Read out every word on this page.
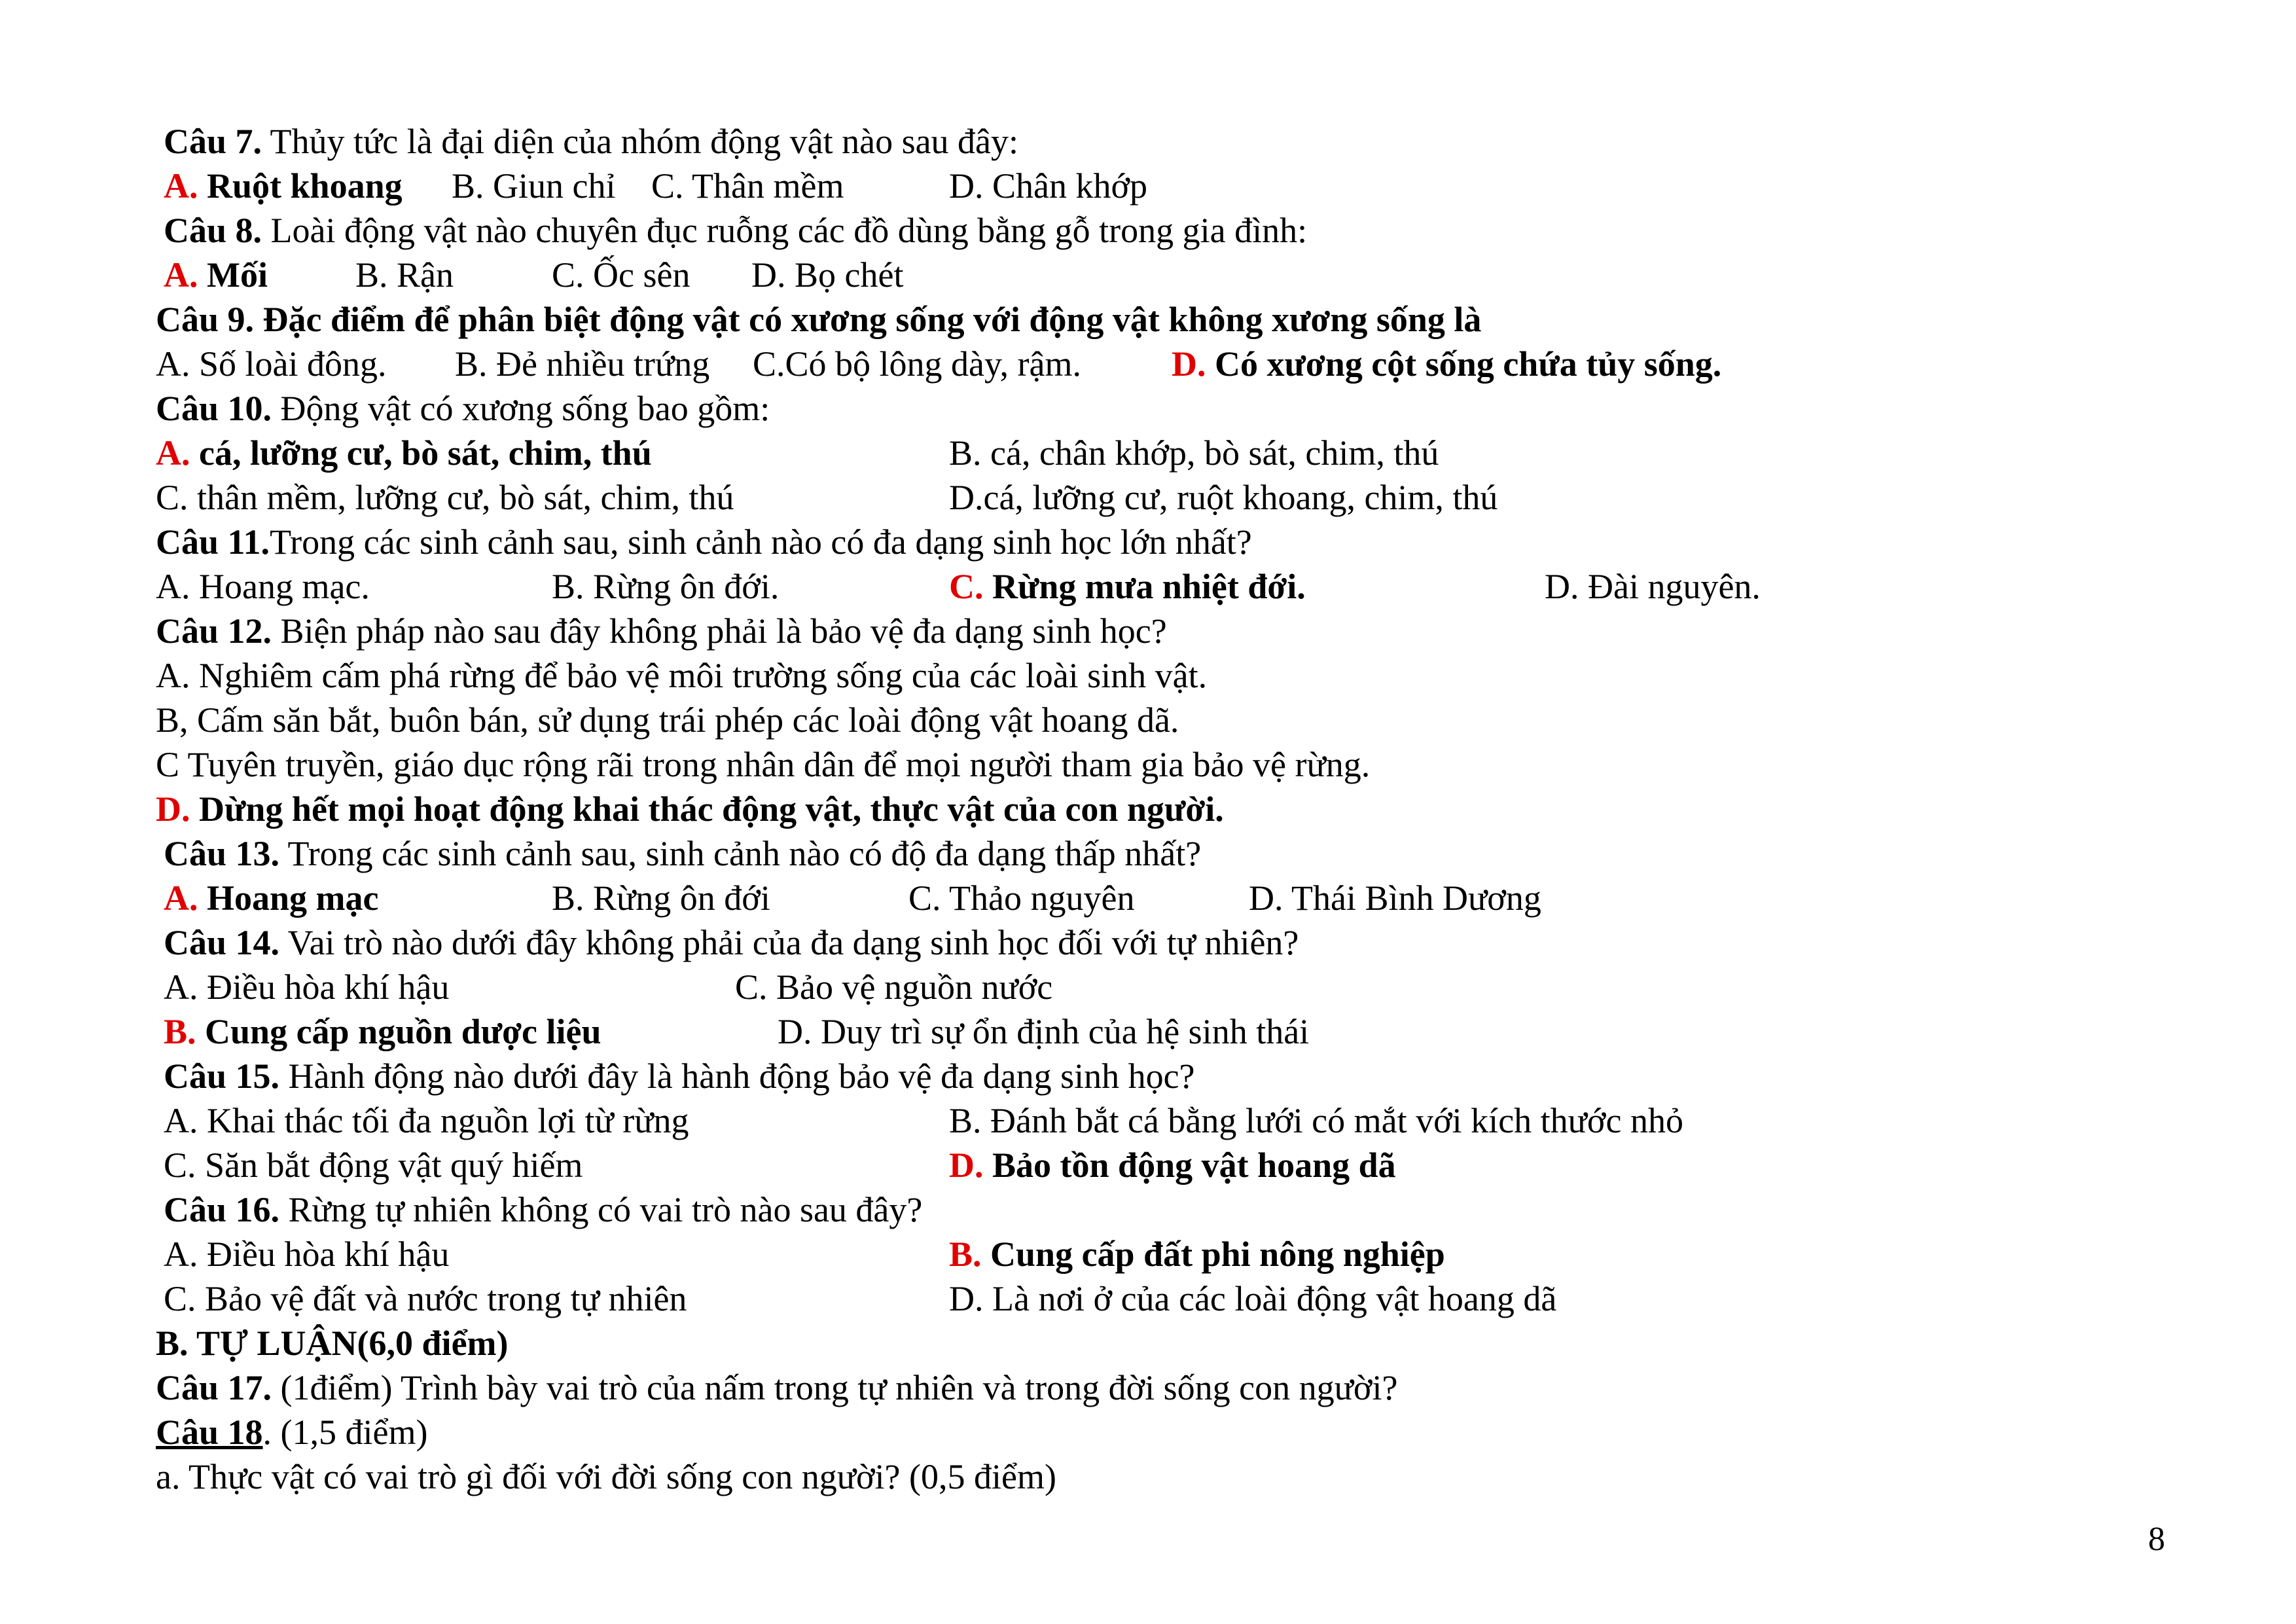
Câu 7. Thủy tức là đại diện của nhóm động vật nào sau đây:
A. Ruột khoang B. Giun chỉ C. Thân mềm	D. Chân khớp
Câu 8. Loài động vật nào chuyên đục ruỗng các đồ dùng bằng gỗ trong gia đình:
A. Mối B. Rận	C. Ốc sên D. Bọ chét
Câu 9. Đặc điểm để phân biệt động vật có xương sống với động vật không xương sống là
A. Số loài đông. B. Đẻ nhiều trứng C.Có bộ lông dày, rậm.	D. Có xương cột sống chứa tủy sống.
Câu 10. Động vật có xương sống bao gồm:
A. cá, lưỡng cư, bò sát, chim, thú	B. cá, chân khớp, bò sát, chim, thú
C. thân mềm, lưỡng cư, bò sát, chim, thú	D.cá, lưỡng cư, ruột khoang, chim, thú
Câu 11.Trong các sinh cảnh sau, sinh cảnh nào có đa dạng sinh học lớn nhất?
A. Hoang mạc.	B. Rừng ôn đới.	C. Rừng mưa nhiệt đới.	D. Đài nguyên.
Câu 12. Biện pháp nào sau đây không phải là bảo vệ đa dạng sinh học?
A. Nghiêm cấm phá rừng để bảo vệ môi trường sống của các loài sinh vật.
B, Cấm săn bắt, buôn bán, sử dụng trái phép các loài động vật hoang dã.
C Tuyên truyền, giáo dục rộng rãi trong nhân dân để mọi người tham gia bảo vệ rừng.
D. Dừng hết mọi hoạt động khai thác động vật, thực vật của con người.
Câu 13. Trong các sinh cảnh sau, sinh cảnh nào có độ đa dạng thấp nhất?
A. Hoang mạc	B. Rừng ôn đới	C. Thảo nguyên	D. Thái Bình Dương
Câu 14. Vai trò nào dưới đây không phải của đa dạng sinh học đối với tự nhiên?
A. Điều hòa khí hậu	C. Bảo vệ nguồn nước
B. Cung cấp nguồn dược liệu	D. Duy trì sự ổn định của hệ sinh thái
Câu 15. Hành động nào dưới đây là hành động bảo vệ đa dạng sinh học?
A. Khai thác tối đa nguồn lợi từ rừng	B. Đánh bắt cá bằng lưới có mắt với kích thước nhỏ
C. Săn bắt động vật quý hiếm	D. Bảo tồn động vật hoang dã
Câu 16. Rừng tự nhiên không có vai trò nào sau đây?
A. Điều hòa khí hậu	B. Cung cấp đất phi nông nghiệp
C. Bảo vệ đất và nước trong tự nhiên	D. Là nơi ở của các loài động vật hoang dã
B. TỰ LUẬN(6,0 điểm)
Câu 17. (1điểm) Trình bày vai trò của nấm trong tự nhiên và trong đời sống con người?
Câu 18. (1,5 điểm)
a. Thực vật có vai trò gì đối với đời sống con người? (0,5 điểm)
8
